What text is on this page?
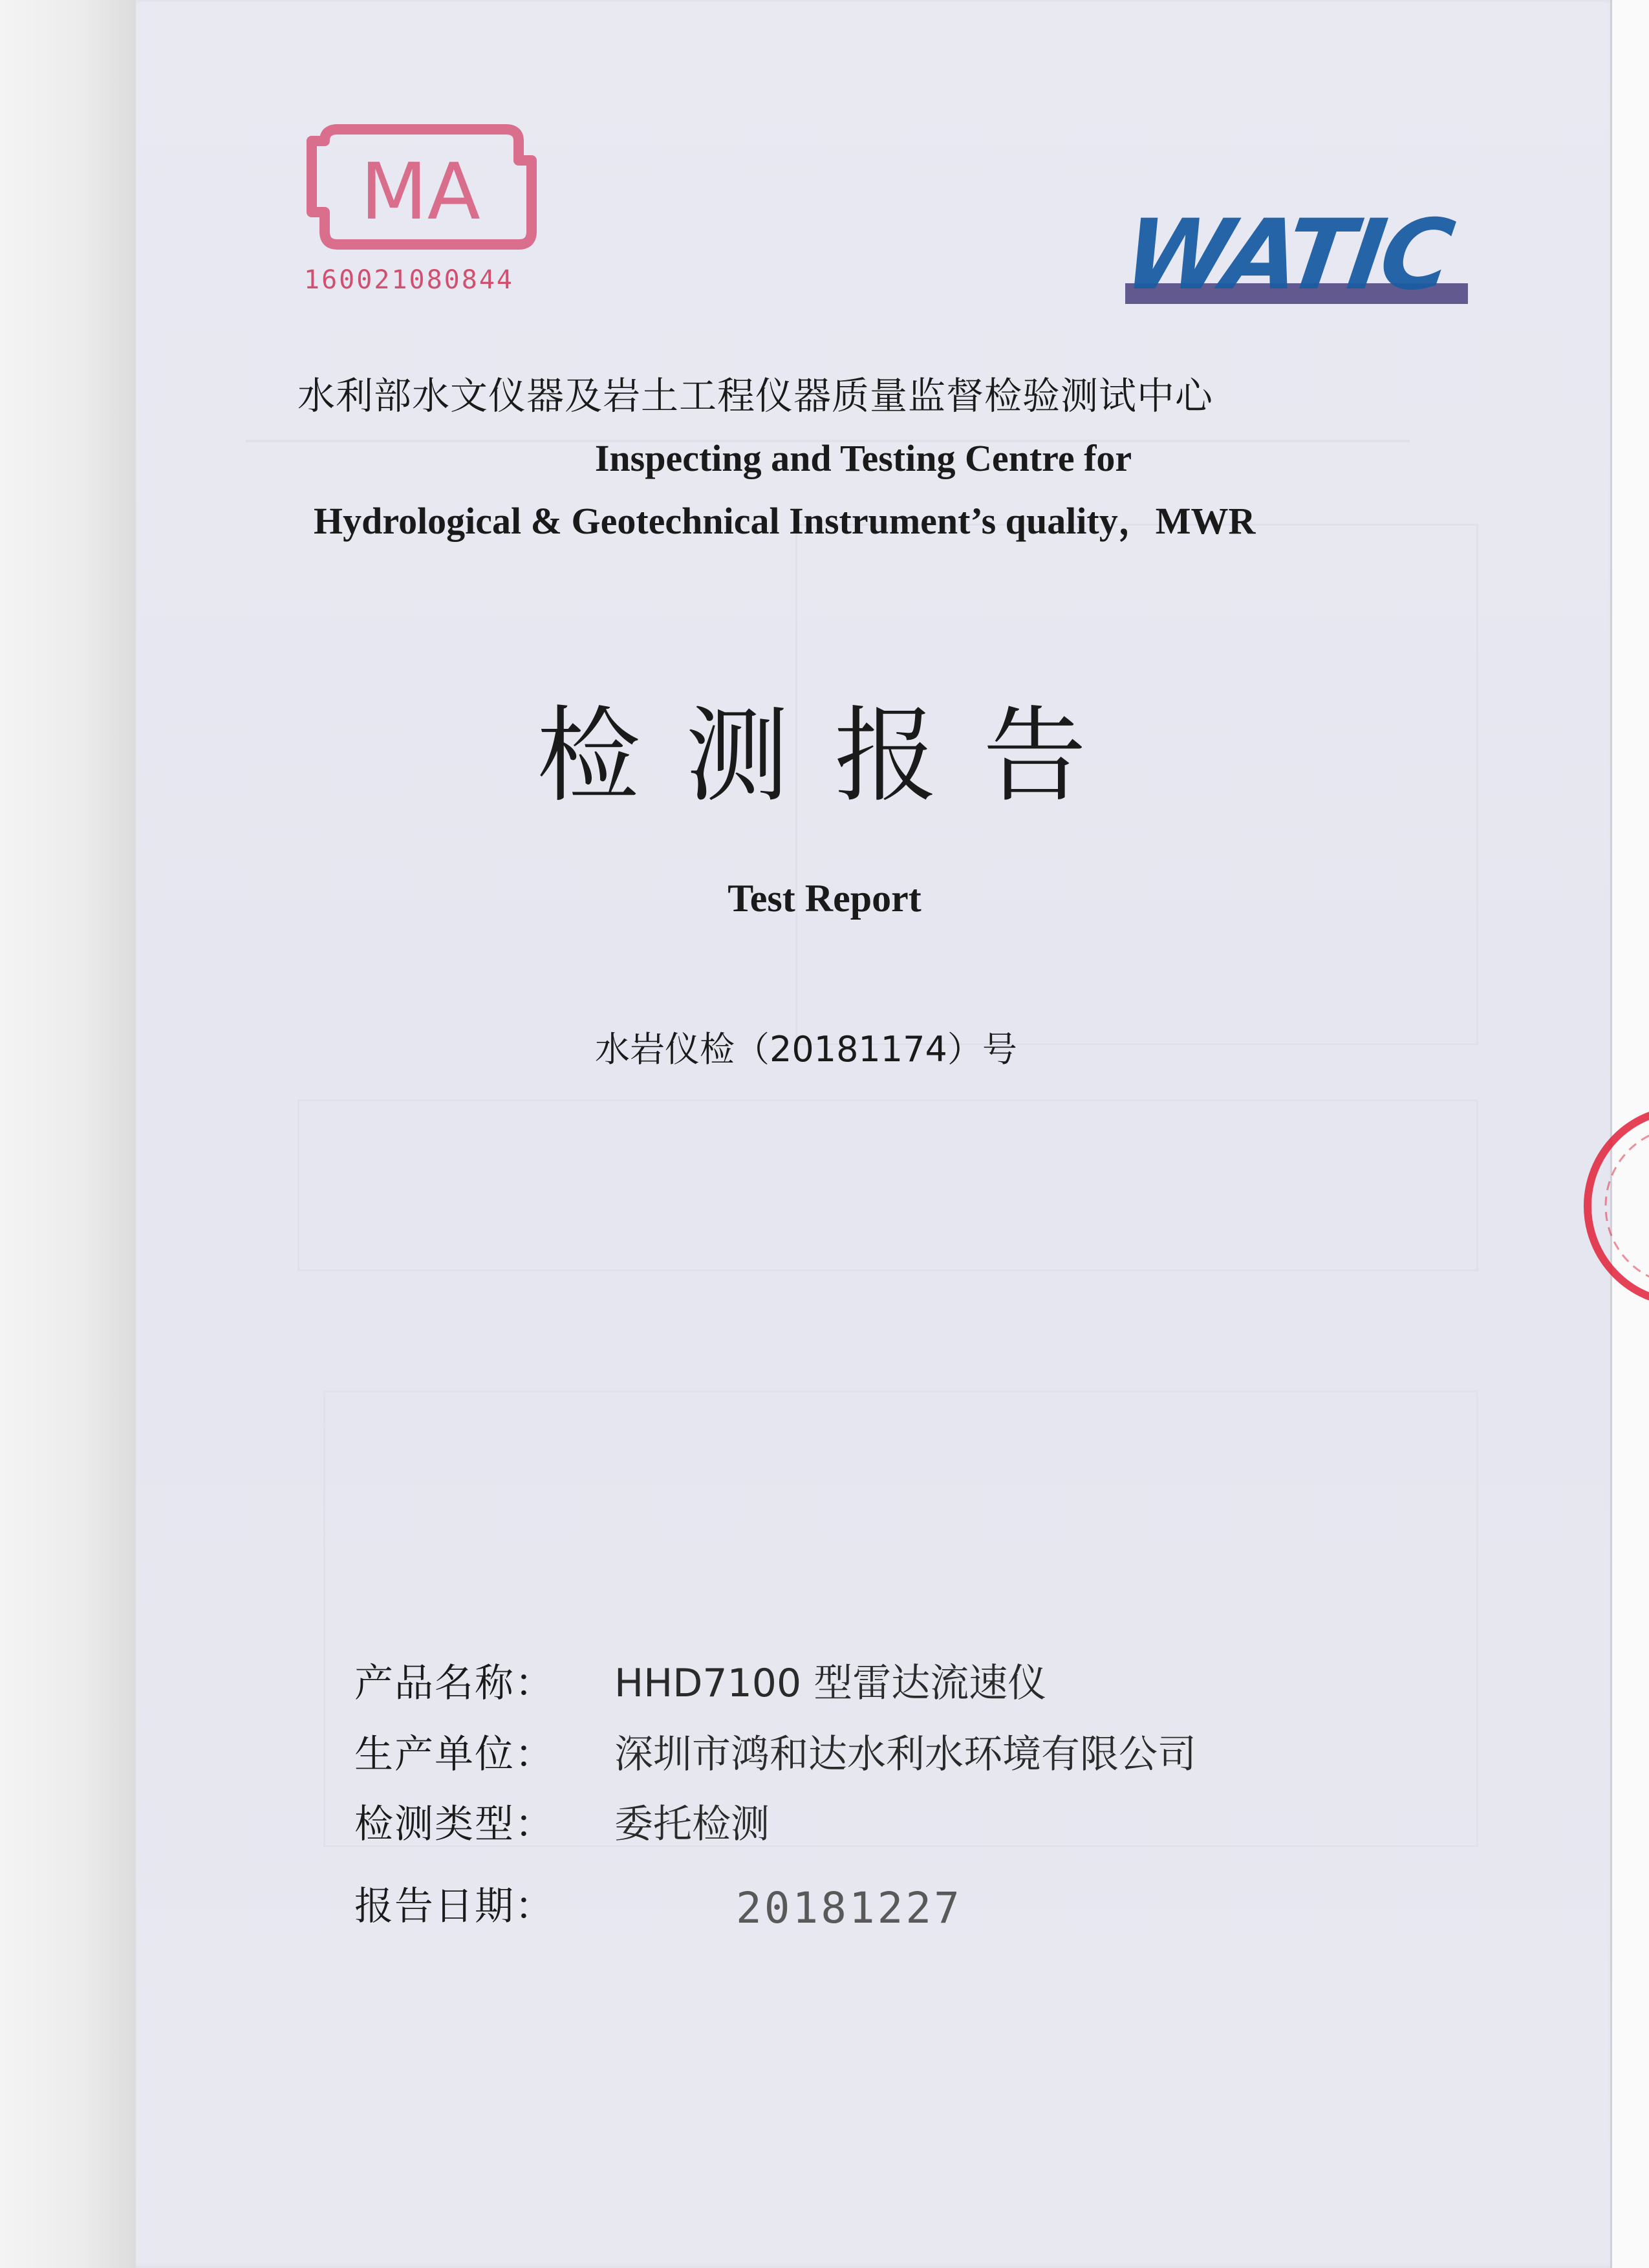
MA
160021080844	WATIC
水利部水文仪器及岩土工程仪器质量监督检验测试中心
Inspecting and Testing Centre for
Hydrological & Geotechnical Instrument’s quality，MWR
检测报告
Test Report
水岩仪检（20181174）号
产品名称：	HHD7100 型雷达流速仪
生产单位：	深圳市鸿和达水利水环境有限公司
检测类型：	委托检测
报告日期：	20181227
